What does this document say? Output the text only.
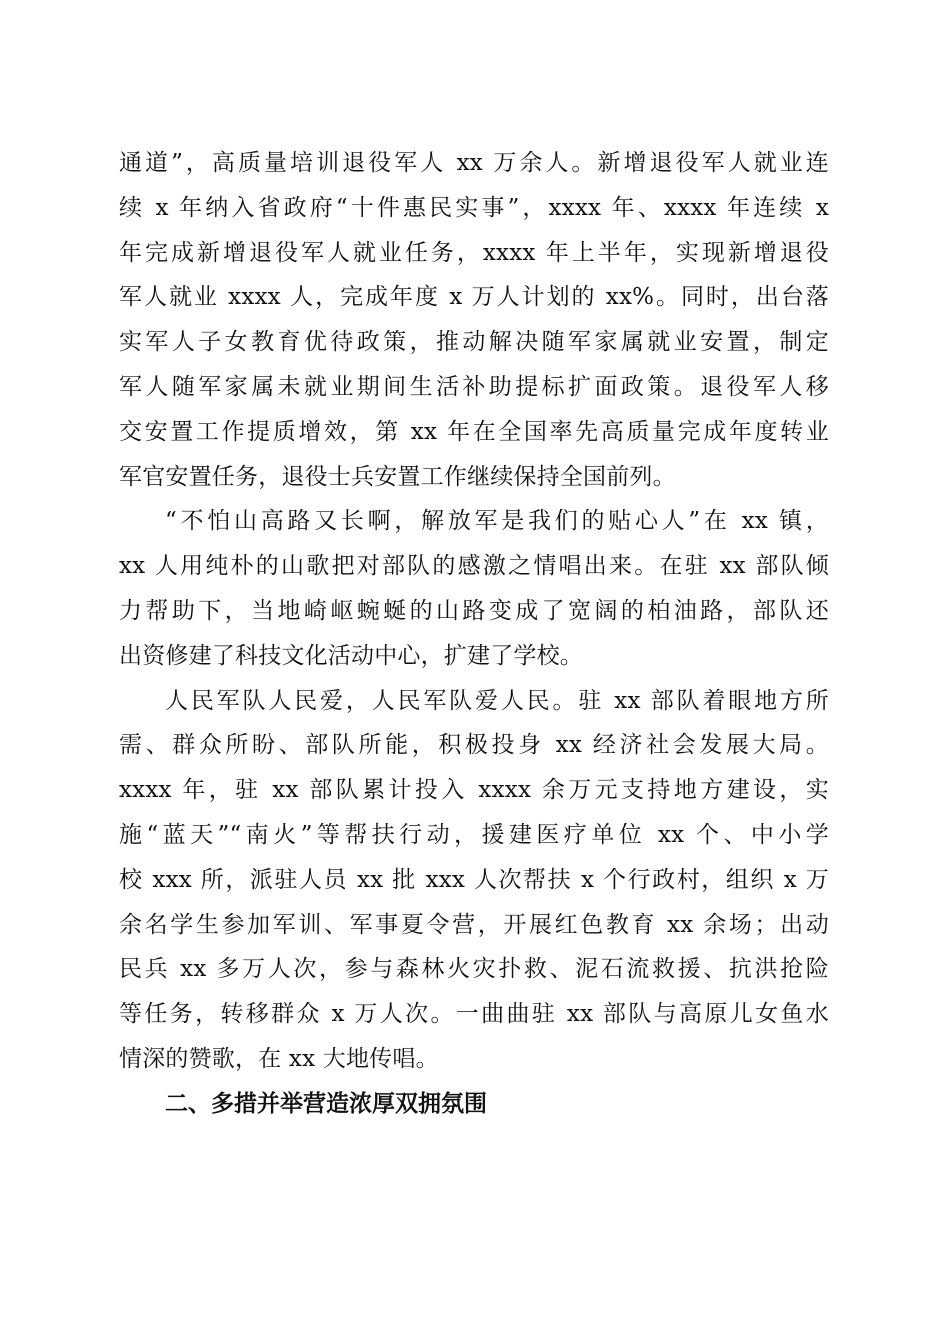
通道”，高质量培训退役军人 xx 万余人。新增退役军人就业连
续 x 年纳入省政府“十件惠民实事”，xxxx 年、xxxx 年连续 x
年完成新增退役军人就业任务，xxxx 年上半年，实现新增退役
军人就业 xxxx 人，完成年度 x 万人计划的 xx%。同时，出台落
实军人子女教育优待政策，推动解决随军家属就业安置，制定
军人随军家属未就业期间生活补助提标扩面政策。退役军人移
交安置工作提质增效，第 xx 年在全国率先高质量完成年度转业
军官安置任务，退役士兵安置工作继续保持全国前列。
“不怕山高路又长啊，解放军是我们的贴心人”在 xx 镇，
xx 人用纯朴的山歌把对部队的感激之情唱出来。在驻 xx 部队倾
力帮助下，当地崎岖蜿蜒的山路变成了宽阔的柏油路，部队还
出资修建了科技文化活动中心，扩建了学校。
人民军队人民爱，人民军队爱人民。驻 xx 部队着眼地方所
需、群众所盼、部队所能，积极投身 xx 经济社会发展大局。
xxxx 年，驻 xx 部队累计投入 xxxx 余万元支持地方建设，实
施“蓝天”“南火”等帮扶行动，援建医疗单位 xx 个、中小学
校 xxx 所，派驻人员 xx 批 xxx 人次帮扶 x 个行政村，组织 x 万
余名学生参加军训、军事夏令营，开展红色教育 xx 余场；出动
民兵 xx 多万人次，参与森林火灾扑救、泥石流救援、抗洪抢险
等任务，转移群众 x 万人次。一曲曲驻 xx 部队与高原儿女鱼水
情深的赞歌，在 xx 大地传唱。
二、多措并举营造浓厚双拥氛围
